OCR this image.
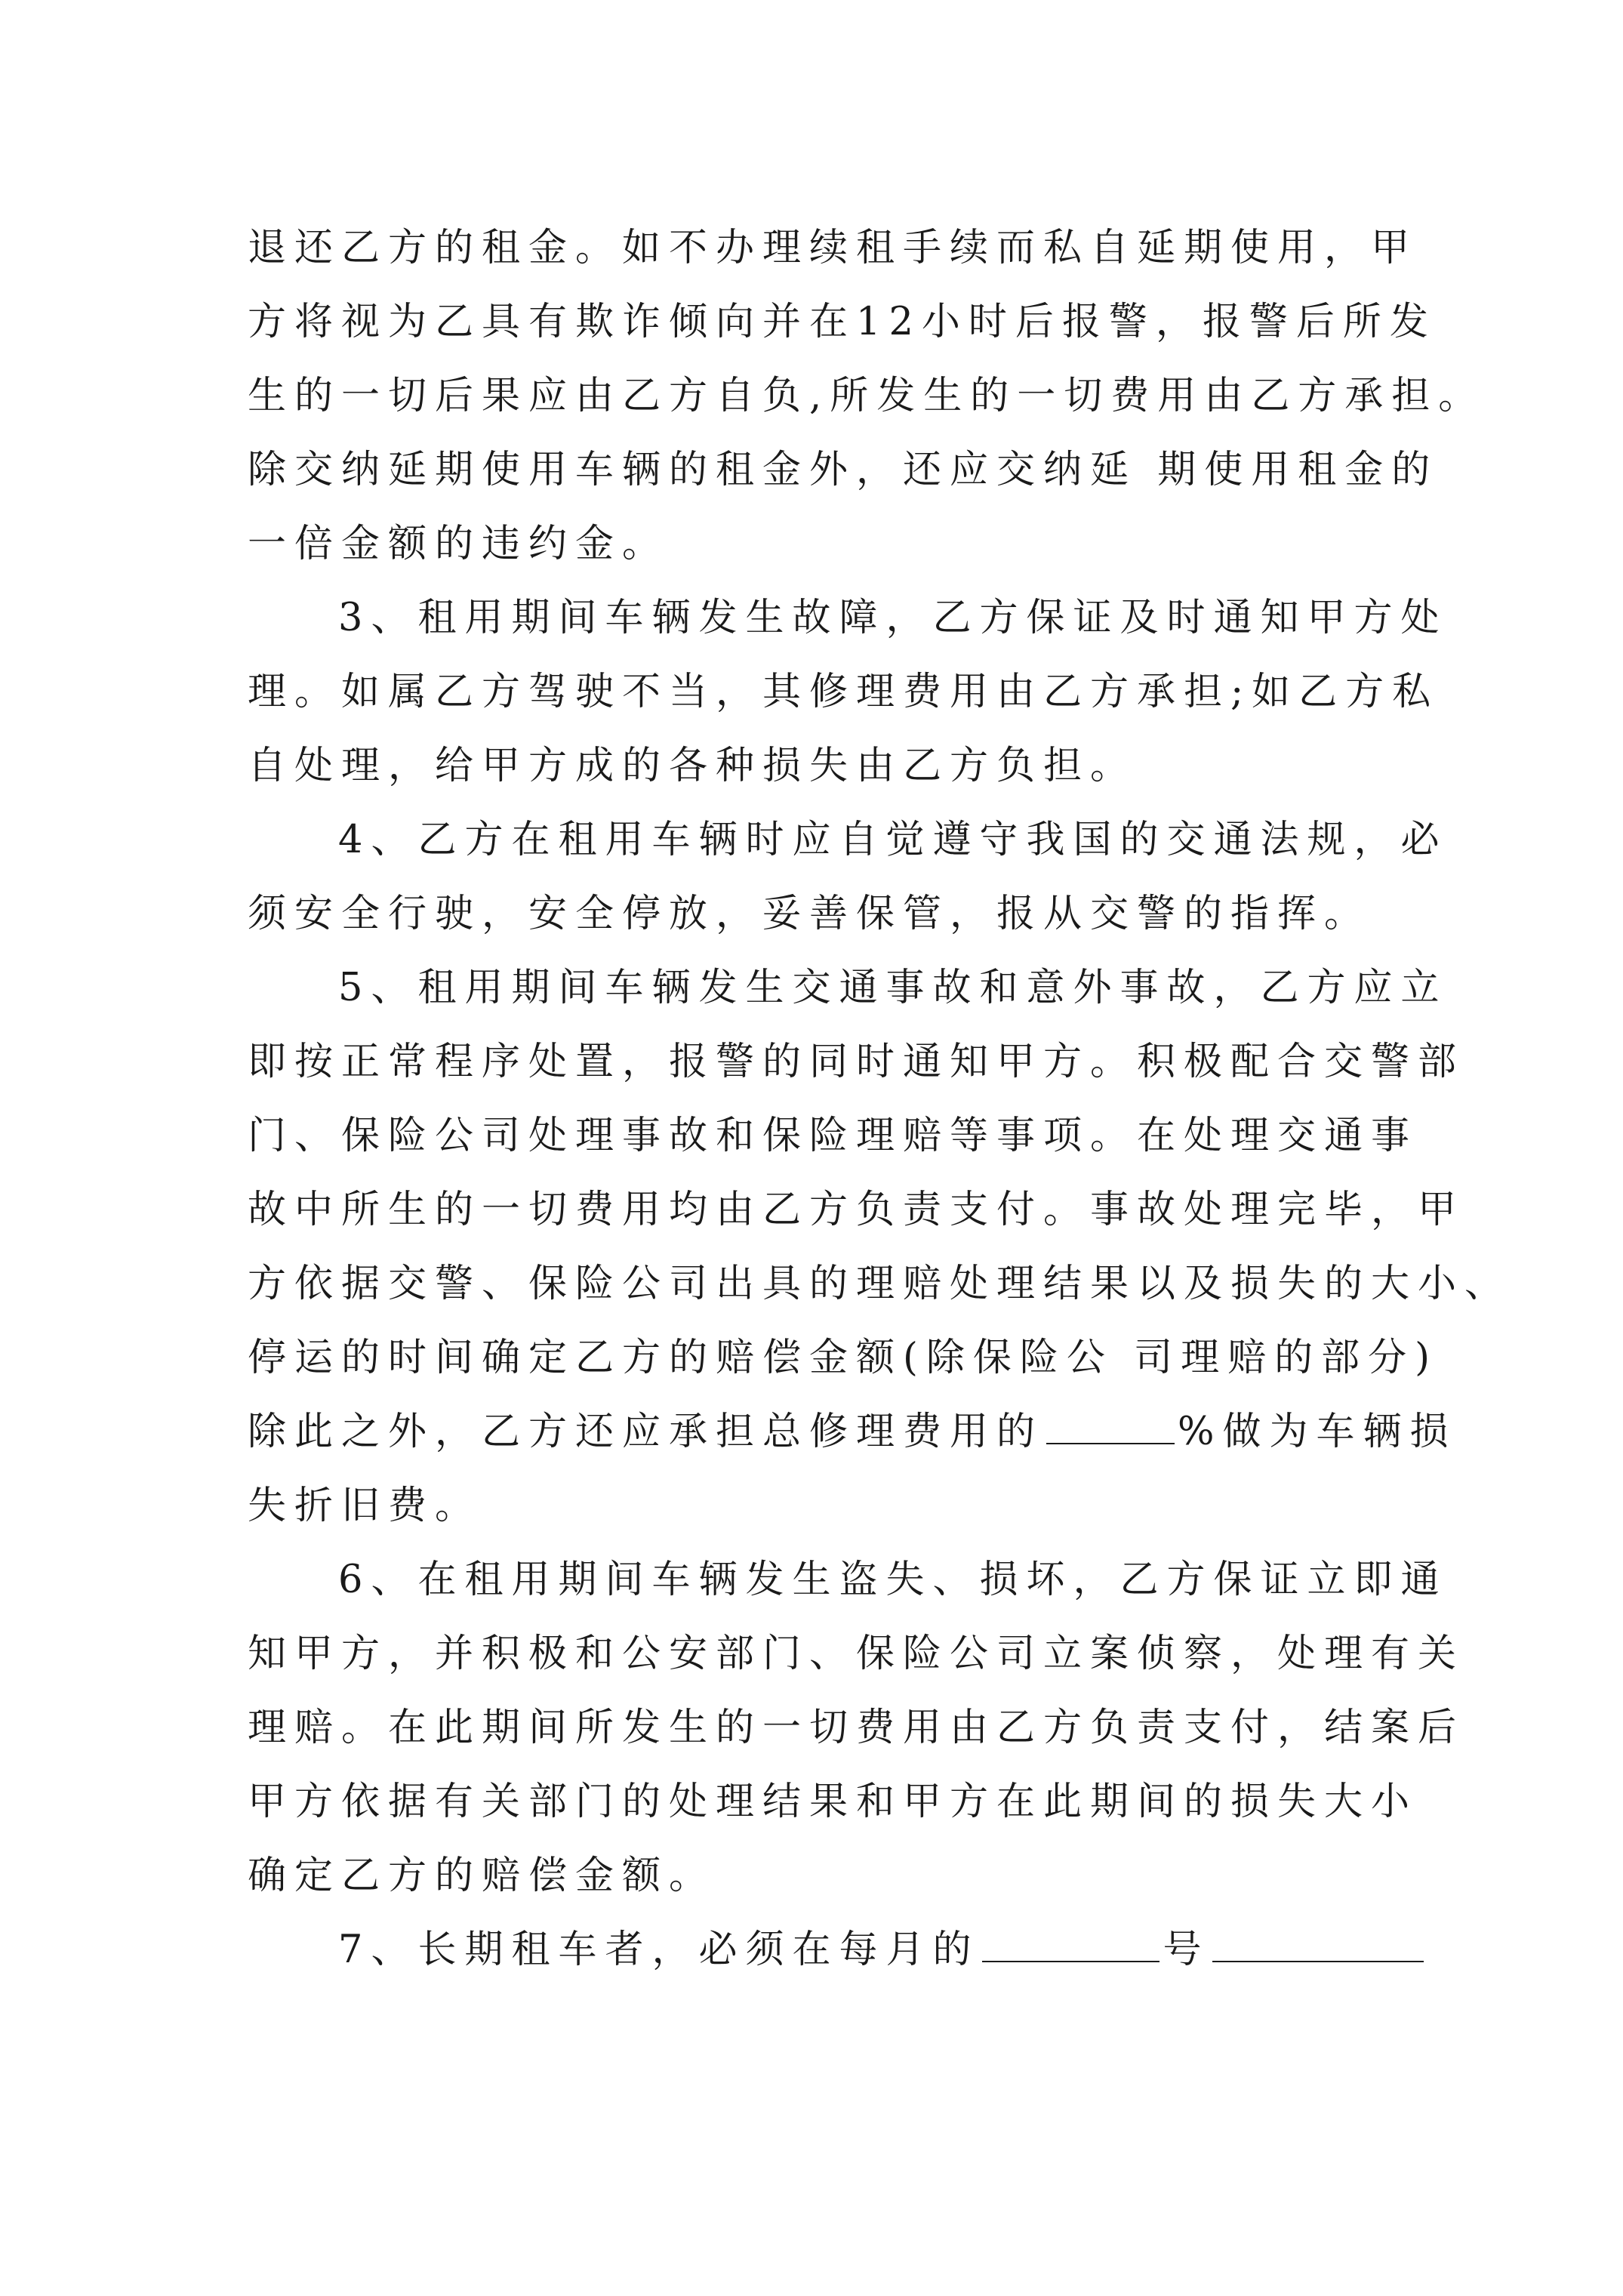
退还乙方的租金。如不办理续租手续而私自延期使用，甲
方将视为乙具有欺诈倾向并在12小时后报警，报警后所发
生的一切后果应由乙方自负,所发生的一切费用由乙方承担。
除交纳延期使用车辆的租金外，还应交纳延 期使用租金的
一倍金额的违约金。
3、租用期间车辆发生故障，乙方保证及时通知甲方处
理。如属乙方驾驶不当，其修理费用由乙方承担;如乙方私
自处理，给甲方成的各种损失由乙方负担。
4、乙方在租用车辆时应自觉遵守我国的交通法规，必
须安全行驶，安全停放，妥善保管，报从交警的指挥。
5、租用期间车辆发生交通事故和意外事故，乙方应立
即按正常程序处置，报警的同时通知甲方。积极配合交警部
门、保险公司处理事故和保险理赔等事项。在处理交通事
故中所生的一切费用均由乙方负责支付。事故处理完毕，甲
方依据交警、保险公司出具的理赔处理结果以及损失的大小、
停运的时间确定乙方的赔偿金额(除保险公 司理赔的部分)
除此之外，乙方还应承担总修理费用的	%做为车辆损
失折旧费。
6、在租用期间车辆发生盗失、损坏，乙方保证立即通
知甲方，并积极和公安部门、保险公司立案侦察，处理有关
理赔。在此期间所发生的一切费用由乙方负责支付，结案后
甲方依据有关部门的处理结果和甲方在此期间的损失大小
确定乙方的赔偿金额。
7、长期租车者，必须在每月的	号
